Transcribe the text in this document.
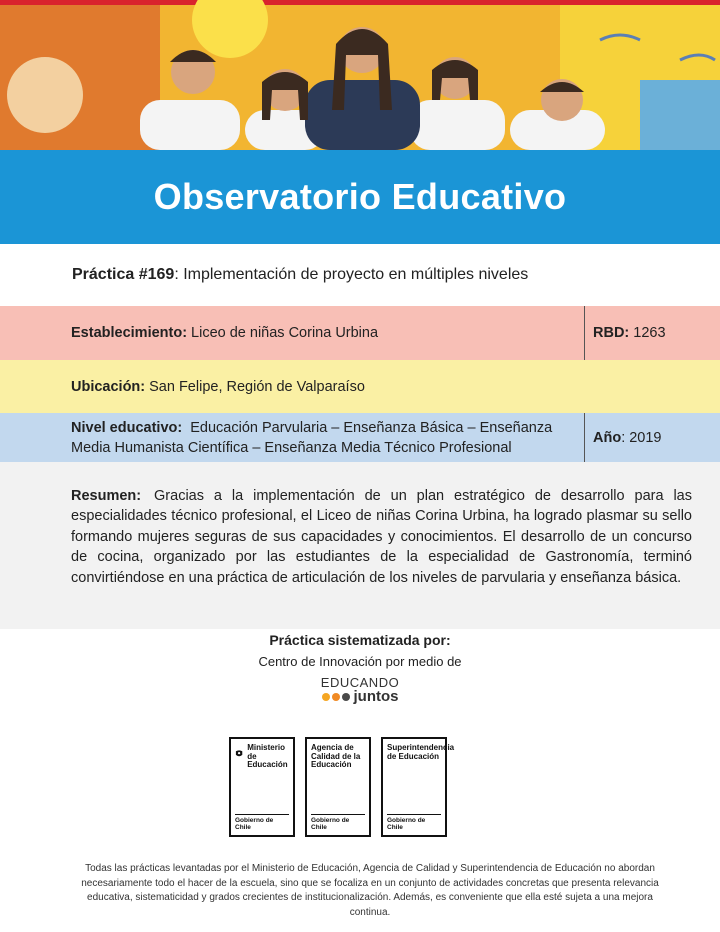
Observatorio Educativo
Práctica #169 : Implementación de proyecto en múltiples niveles
Establecimiento: Liceo de niñas Corina Urbina	RBD: 1263
Ubicación: San Felipe, Región de Valparaíso
Nivel educativo: Educación Parvularia – Enseñanza Básica – Enseñanza
Media Humanista Científica – Enseñanza Media Técnico Profesional
Año : 2019
Resumen: Gracias a la implementación de un plan estratégico de desarrollo para las especialidades técnico profesional, el Liceo de niñas Corina Urbina, ha logrado plasmar su sello formando mujeres seguras de sus capacidades y conocimientos. El desarrollo de un concurso de cocina, organizado por las estudiantes de la especialidad de Gastronomía, terminó convirtiéndose en una práctica de articulación de los niveles de parvularia y enseñanza básica.
Práctica sistematizada por:
Centro de Innovación por medio de
EDUCANDO
juntos
Ministerio de Educación
Gobierno de Chile
Agencia de Calidad de la Educación
Gobierno de Chile
Superintendencia de Educación
Gobierno de Chile
Todas las prácticas levantadas por el Ministerio de Educación, Agencia de Calidad y Superintendencia de Educación no abordan
necesariamente todo el hacer de la escuela, sino que se focaliza en un conjunto de actividades concretas que presenta relevancia
educativa, sistematicidad y grados crecientes de institucionalización. Además, es conveniente que ella esté sujeta a una mejora continua.
